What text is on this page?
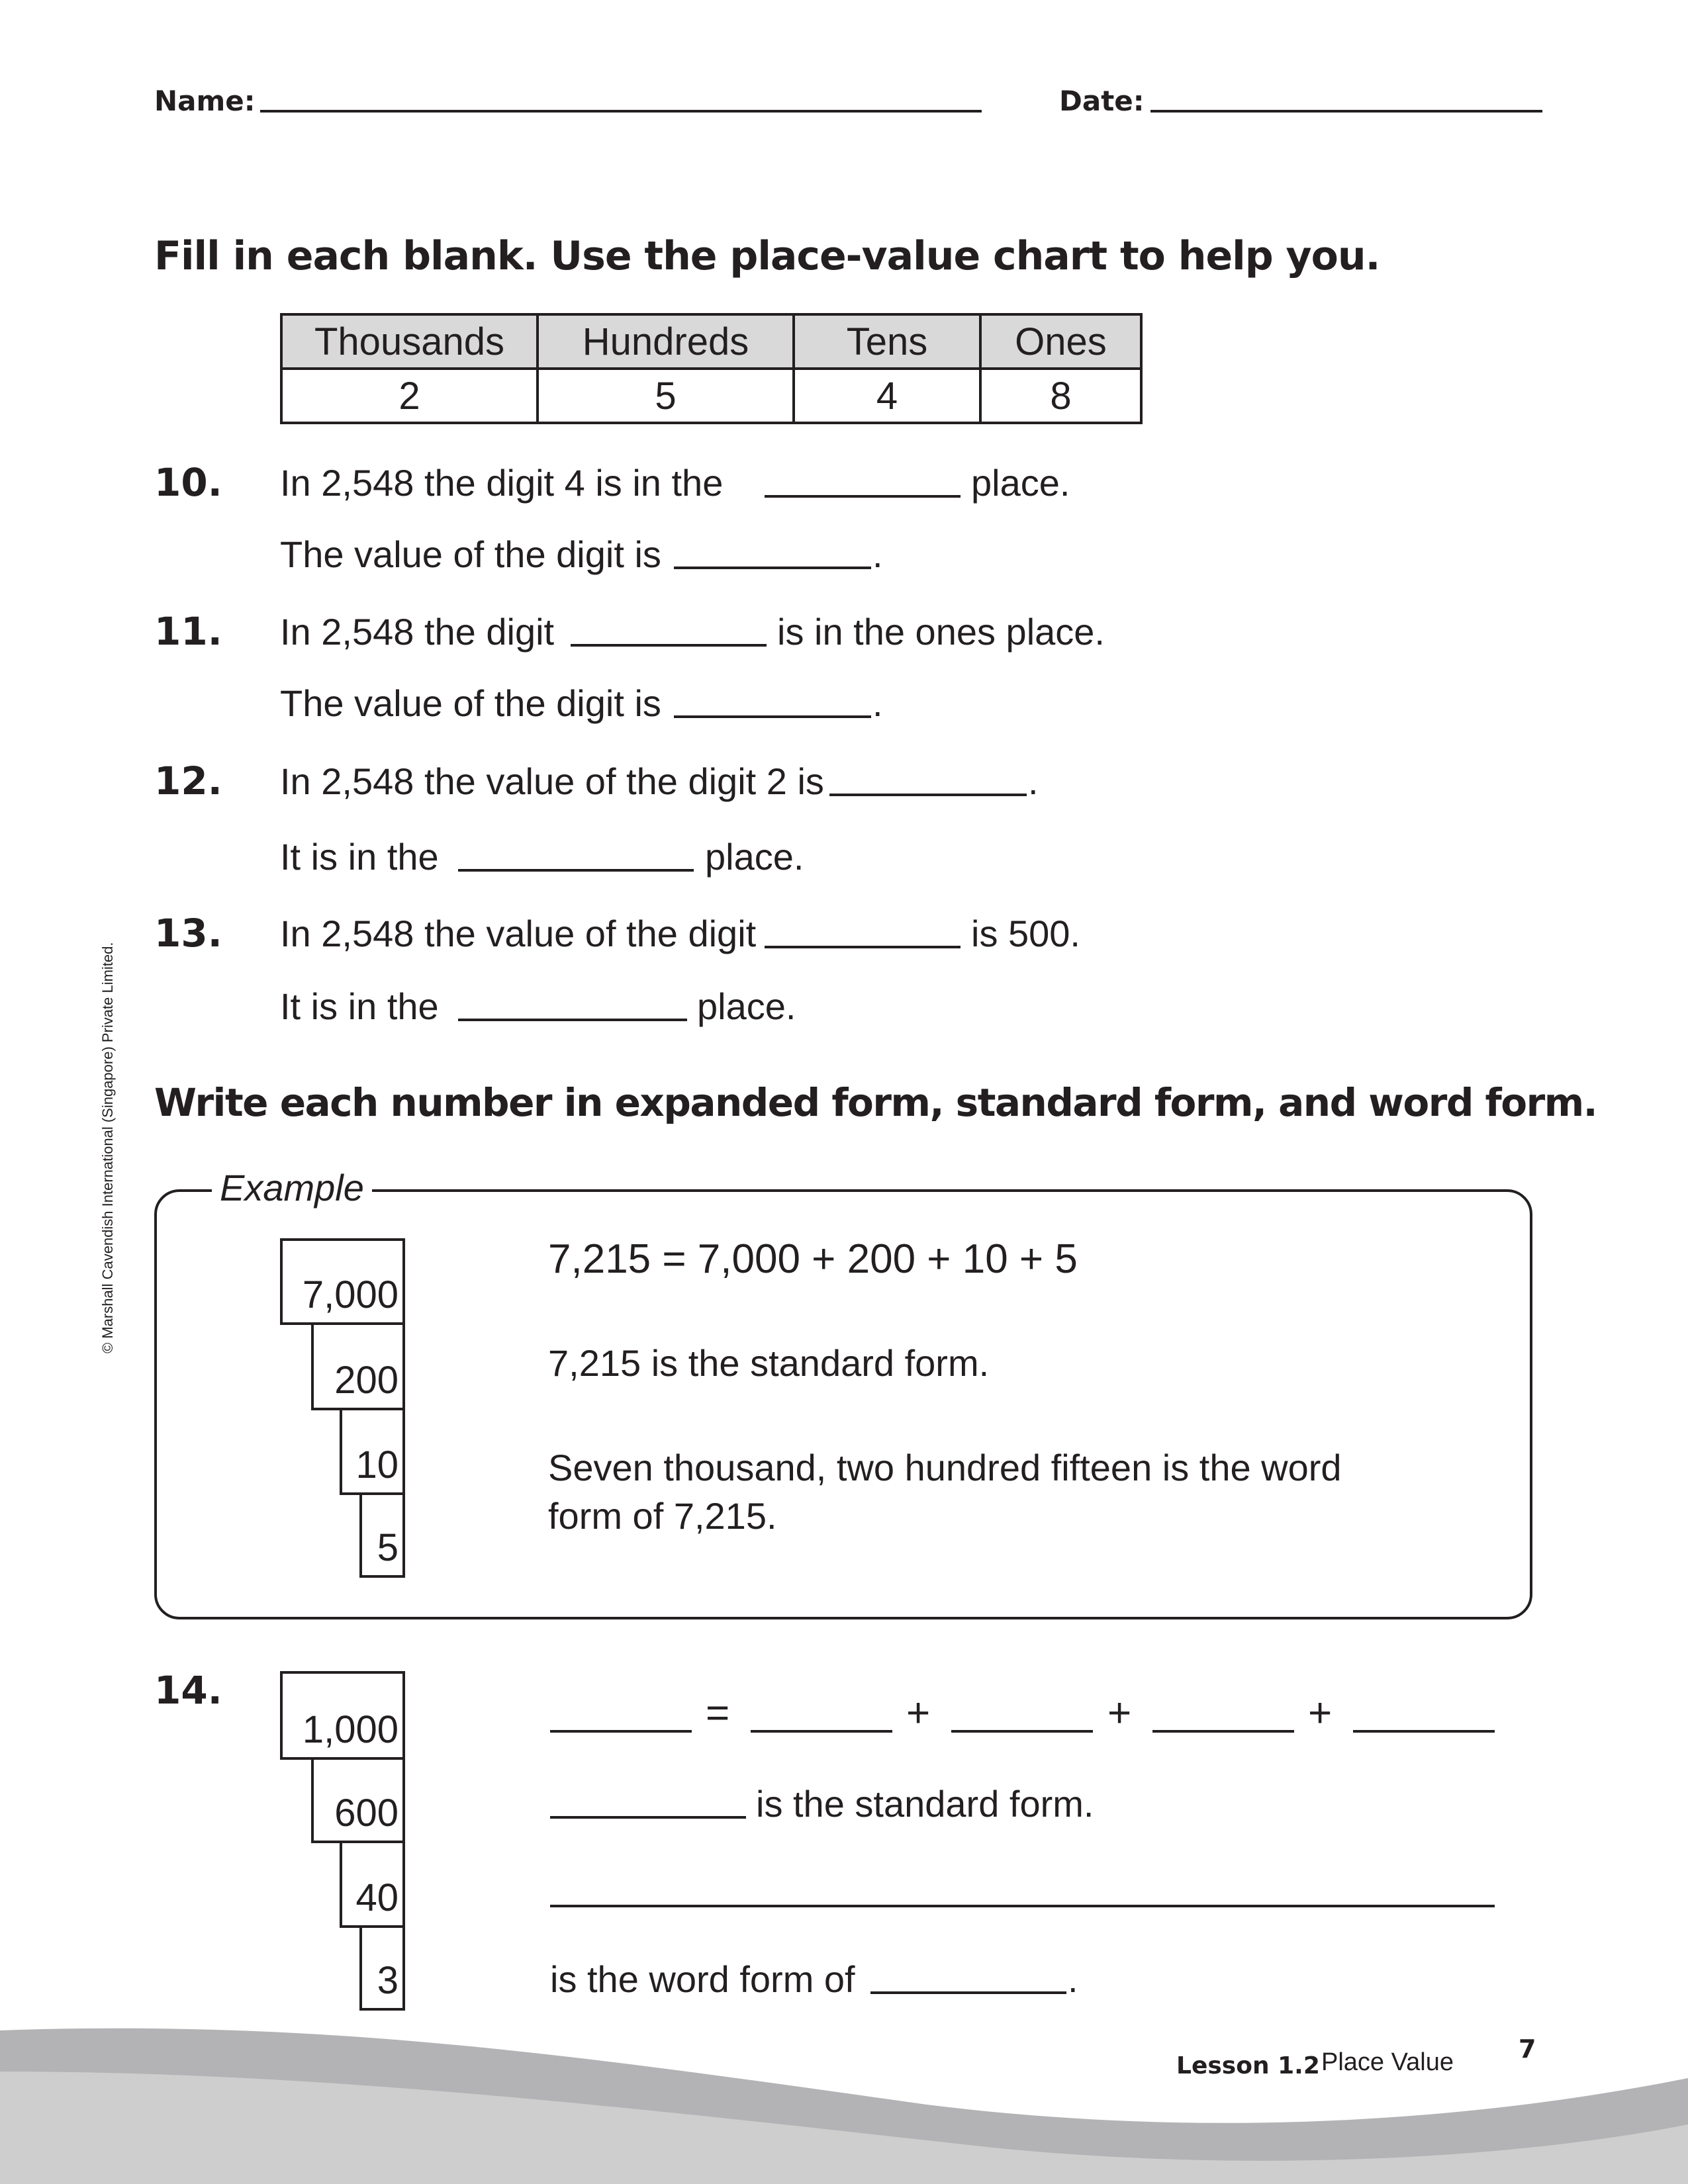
Name:	Date:
© Marshall Cavendish International (Singapore) Private Limited.
Fill in each blank. Use the place-value chart to help you.
Thousands	Hundreds	Tens	Ones
2	5	4	8
10. In 2,548 the digit 4 is in the	place.
The value of the digit is	.
11. In 2,548 the digit	is in the ones place.
The value of the digit is	.
12. In 2,548 the value of the digit 2 is	.
It is in the	place.
13. In 2,548 the value of the digit	is 500.
It is in the	place.
Write each number in expanded form, standard form, and word form.
Example
7,000
200
10
5
7,215 = 7,000 + 200 + 10 + 5
7,215 is the standard form.
Seven thousand, two hundred fifteen is the word
form of 7,215.
14.
1,000
600
40
3
=	+	+	+
is the standard form.
is the word form of	.
Lesson 1.2 Place Value	7
